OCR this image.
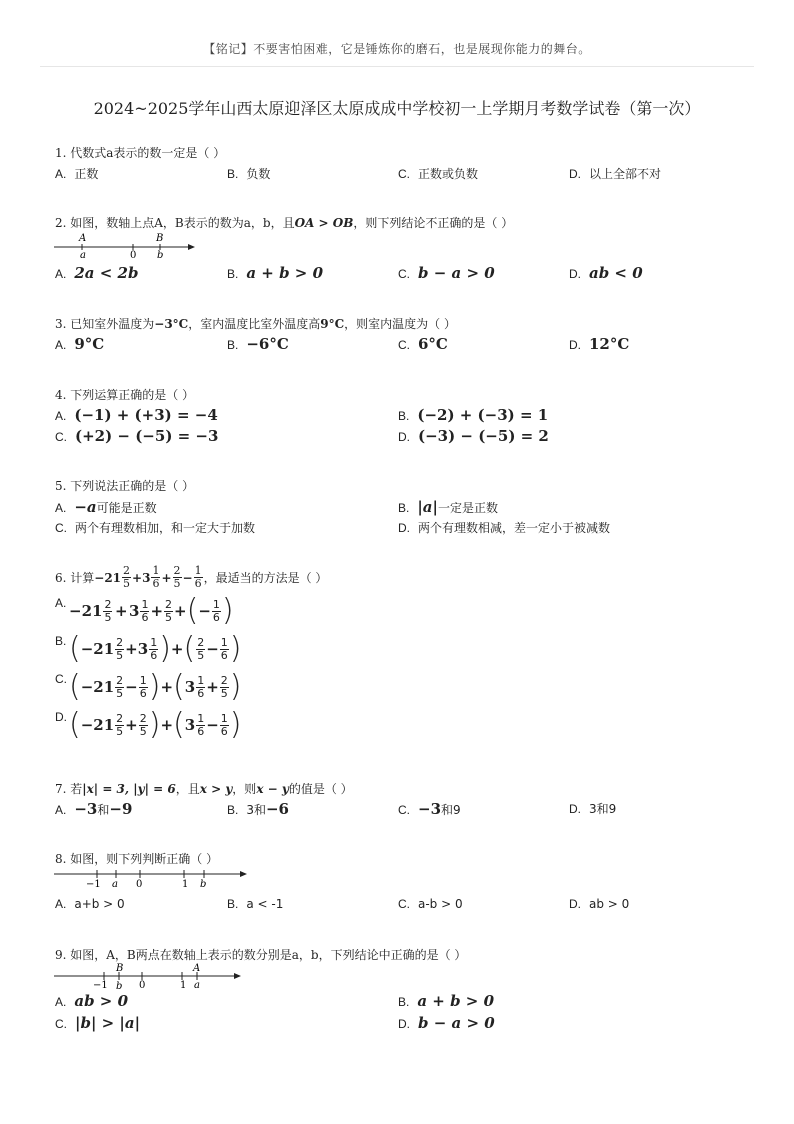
【铭记】不要害怕困难，它是锤炼你的磨石，也是展现你能力的舞台。
2024~2025学年山西太原迎泽区太原成成中学校初一上学期月考数学试卷（第一次）
1. 代数式a表示的数一定是（ ）
A. 正数	B. 负数	C. 正数或负数	D. 以上全部不对
2. 如图，数轴上点A，B表示的数为a，b，且OA > OB，则下列结论不正确的是（ ）
A
a	0
B
b
A. 2a < 2b	B. a + b > 0	C. b − a > 0	D. ab < 0
3. 已知室外温度为−3°C，室内温度比室外温度高9°C，则室内温度为（ ）
A. 9°C	B. −6°C	C. 6°C	D. 12°C
4. 下列运算正确的是（ ）
A. (−1) + (+3) = −4	B. (−2) + (−3) = 1
C. (+2) − (−5) = −3	D. (−3) − (−5) = 2
5. 下列说法正确的是（ ）
A. −a可能是正数	B. |a|一定是正数
C. 两个有理数相加，和一定大于加数	D. 两个有理数相减，差一定小于被减数
6. 计算 $-21 \frac{2}{5} + 3 \frac{1}{6} + \frac{2}{5} - \frac{1}{6}$ ，最适当的方法是（ ）
A. $-21 \frac{2}{5}$
  +
  $3 \frac{1}{6} + \frac{2}{5}$ + ( − $\frac{1}{6}$ )
B. ( $-21 \frac{2}{5} + 3 \frac{1}{6}$ ) + ( $\frac{2}{5} - \frac{1}{6}$ )
C. ( $-21 \frac{2}{5} - \frac{1}{6}$ ) + ( $3 \frac{1}{6} + \frac{2}{5}$ )
D. ( $-21 \frac{2}{5} + \frac{2}{5}$ ) + ( $3 \frac{1}{6} - \frac{1}{6}$ )
7. 若|x| = 3, |y| = 6，且x > y，则x − y的值是（ ）
A. −3和−9	B. 3和−6	C. −3和9	D. 3和9
8. 如图，则下列判断正确（ ）
−1 a 0	1 b
A. a+b > 0	B. a < -1	C. a-b > 0	D. ab > 0
9. 如图，A，B两点在数轴上表示的数分别是a，b，下列结论中正确的是（ ）
−1
B
b 0	1
A
a
A. ab > 0	B. a + b > 0
C. |b| > |a|	D. b − a > 0
